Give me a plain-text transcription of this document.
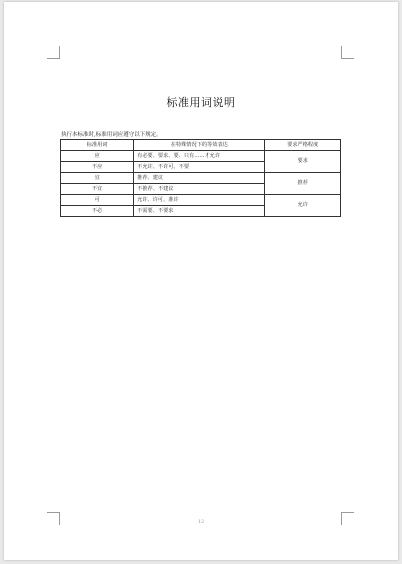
标准用词说明
执行本标准时,标准用词应遵守以下规定。
标准用词	在特殊情况下的等效表达	要求严格程度
应	有必要、要求、要、只有……才允许	要求
不应	不允许、不许可、不要	
宜	推荐、建议	推荐
不宜	不推荐、不建议	
可	允许、许可、准许	允许
不必	不需要、不要求	
12
